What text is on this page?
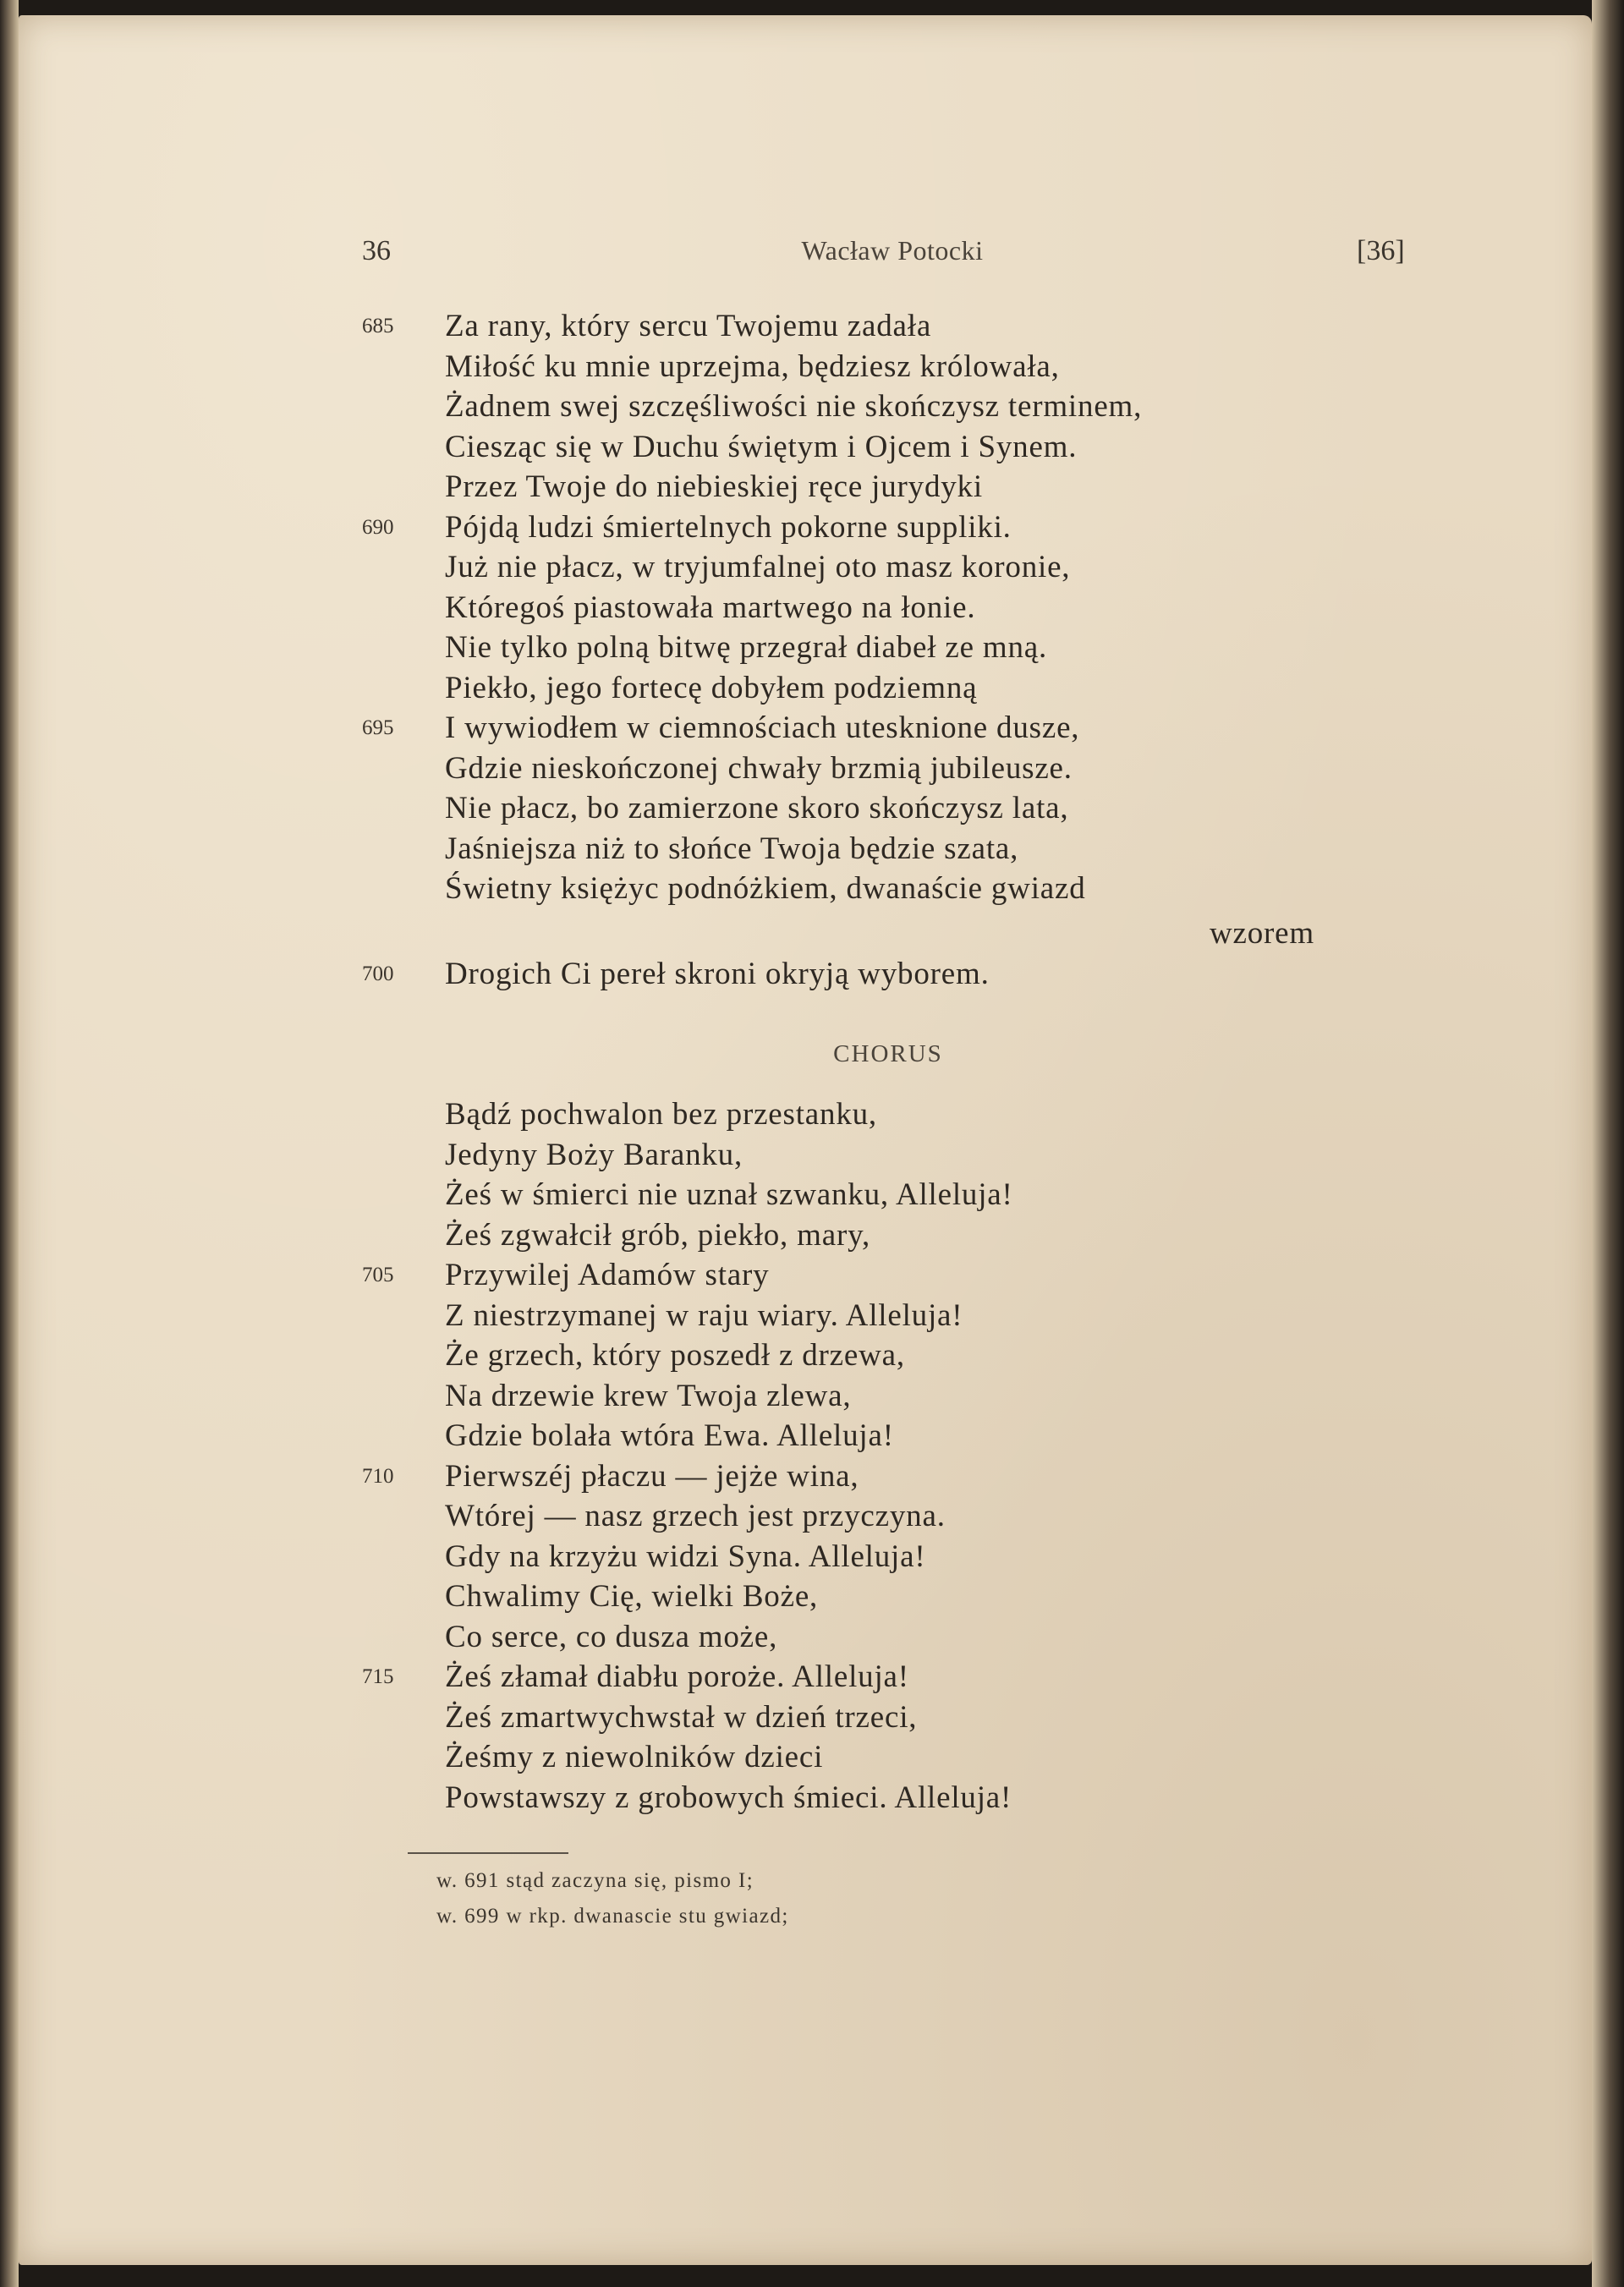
36	Wacław Potocki	[36]
Za rany, który sercu Twojemu zadała
685
Miłość ku mnie uprzejma, będziesz królowała,
Żadnem swej szczęśliwości nie skończysz terminem,
Ciesząc się w Duchu świętym i Ojcem i Synem.
Przez Twoje do niebieskiej ręce jurydyki
Pójdą ludzi śmiertelnych pokorne suppliki.
690
Już nie płacz, w tryjumfalnej oto masz koronie,
Któregoś piastowała martwego na łonie.
Nie tylko polną bitwę przegrał diabeł ze mną.
Piekło, jego fortecę dobyłem podziemną
I wywiodłem w ciemnościach utesknione dusze,
695
Gdzie nieskończonej chwały brzmią jubileusze.
Nie płacz, bo zamierzone skoro skończysz lata,
Jaśniejsza niż to słońce Twoja będzie szata,
Świetny księżyc podnóżkiem, dwanaście gwiazd
Drogich Ci pereł skroni okryją wyborem.
700
Bądź pochwalon bez przestanku,
Jedyny Boży Baranku,
Żeś w śmierci nie uznał szwanku, Alleluja!
Żeś zgwałcił grób, piekło, mary,
Przywilej Adamów stary
705
Z niestrzymanej w raju wiary. Alleluja!
Że grzech, który poszedł z drzewa,
Na drzewie krew Twoja zlewa,
Gdzie bolała wtóra Ewa. Alleluja!
Pierwszéj płaczu — jejże wina,
710
Wtórej — nasz grzech jest przyczyna.
Gdy na krzyżu widzi Syna. Alleluja!
Chwalimy Cię, wielki Boże,
Co serce, co dusza może,
Żeś złamał diabłu poroże. Alleluja!
715
Żeś zmartwychwstał w dzień trzeci,
Żeśmy z niewolników dzieci
Powstawszy z grobowych śmieci. Alleluja!
wzorem
CHORUS
w. 691 stąd zaczyna się, pismo I;
w. 699 w rkp. dwanascie stu gwiazd;
